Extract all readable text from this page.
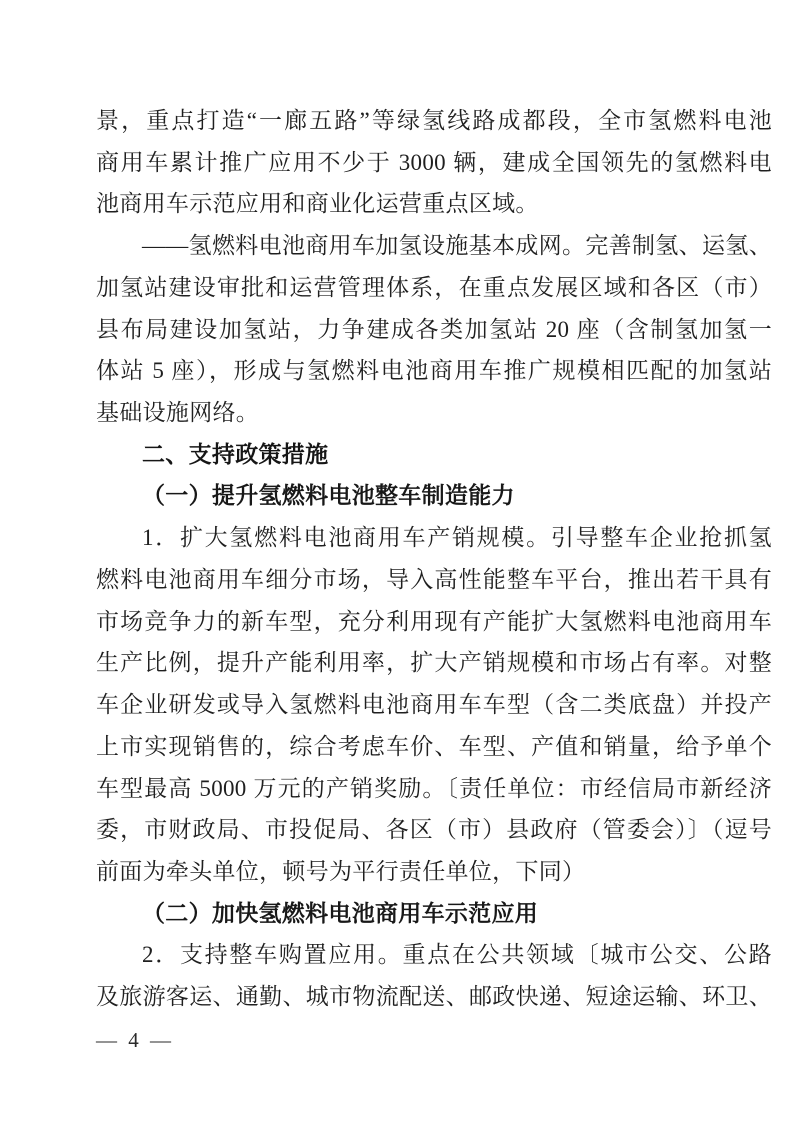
景，重点打造“一廊五路”等绿氢线路成都段，全市氢燃料电池
商用车累计推广应用不少于 3000 辆，建成全国领先的氢燃料电
池商用车示范应用和商业化运营重点区域。
——氢燃料电池商用车加氢设施基本成网。完善制氢、运氢、
加氢站建设审批和运营管理体系，在重点发展区域和各区（市）
县布局建设加氢站，力争建成各类加氢站 20 座（含制氢加氢一
体站 5 座），形成与氢燃料电池商用车推广规模相匹配的加氢站
基础设施网络。
二、支持政策措施
（一）提升氢燃料电池整车制造能力
1．扩大氢燃料电池商用车产销规模。引导整车企业抢抓氢
燃料电池商用车细分市场，导入高性能整车平台，推出若干具有
市场竞争力的新车型，充分利用现有产能扩大氢燃料电池商用车
生产比例，提升产能利用率，扩大产销规模和市场占有率。对整
车企业研发或导入氢燃料电池商用车车型（含二类底盘）并投产
上市实现销售的，综合考虑车价、车型、产值和销量，给予单个
车型最高 5000 万元的产销奖励。〔责任单位：市经信局市新经济
委，市财政局、市投促局、各区（市）县政府（管委会）〕（逗号
前面为牵头单位，顿号为平行责任单位，下同）
（二）加快氢燃料电池商用车示范应用
2．支持整车购置应用。重点在公共领域〔城市公交、公路
及旅游客运、通勤、城市物流配送、邮政快递、短途运输、环卫、
— 4 —
